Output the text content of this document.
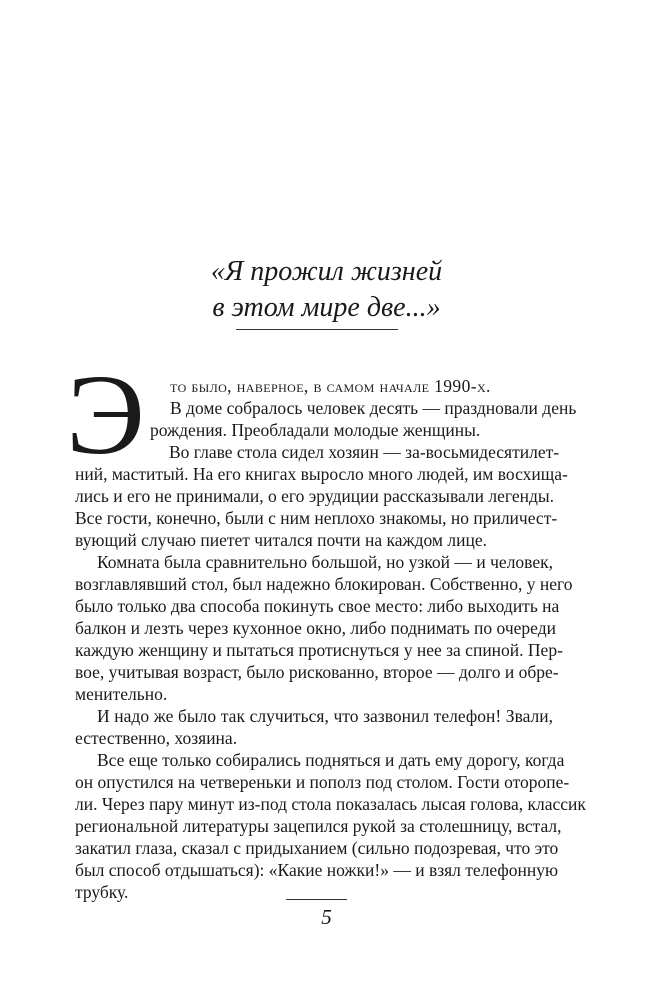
«Я прожил жизней
в этом мире две...»
Э то было, наверное, в самом начале 1990-х.
В доме собралось человек десять — праздновали день
рождения. Преобладали молодые женщины.
Во главе стола сидел хозяин — за-восьмидесятилет-
ний, маститый. На его книгах выросло много людей, им восхища-
лись и его не принимали, о его эрудиции рассказывали легенды.
Все гости, конечно, были с ним неплохо знакомы, но приличест-
вующий случаю пиетет читался почти на каждом лице.
Комната была сравнительно большой, но узкой — и человек,
возглавлявший стол, был надежно блокирован. Собственно, у него
было только два способа покинуть свое место: либо выходить на
балкон и лезть через кухонное окно, либо поднимать по очереди
каждую женщину и пытаться протиснуться у нее за спиной. Пер-
вое, учитывая возраст, было рискованно, второе — долго и обре-
менительно.
И надо же было так случиться, что зазвонил телефон! Звали,
естественно, хозяина.
Все еще только собирались подняться и дать ему дорогу, когда
он опустился на четвереньки и пополз под столом. Гости оторопе-
ли. Через пару минут из-под стола показалась лысая голова, классик
региональной литературы зацепился рукой за столешницу, встал,
закатил глаза, сказал с придыханием (сильно подозревая, что это
был способ отдышаться): «Какие ножки!» — и взял телефонную
трубку.
5
